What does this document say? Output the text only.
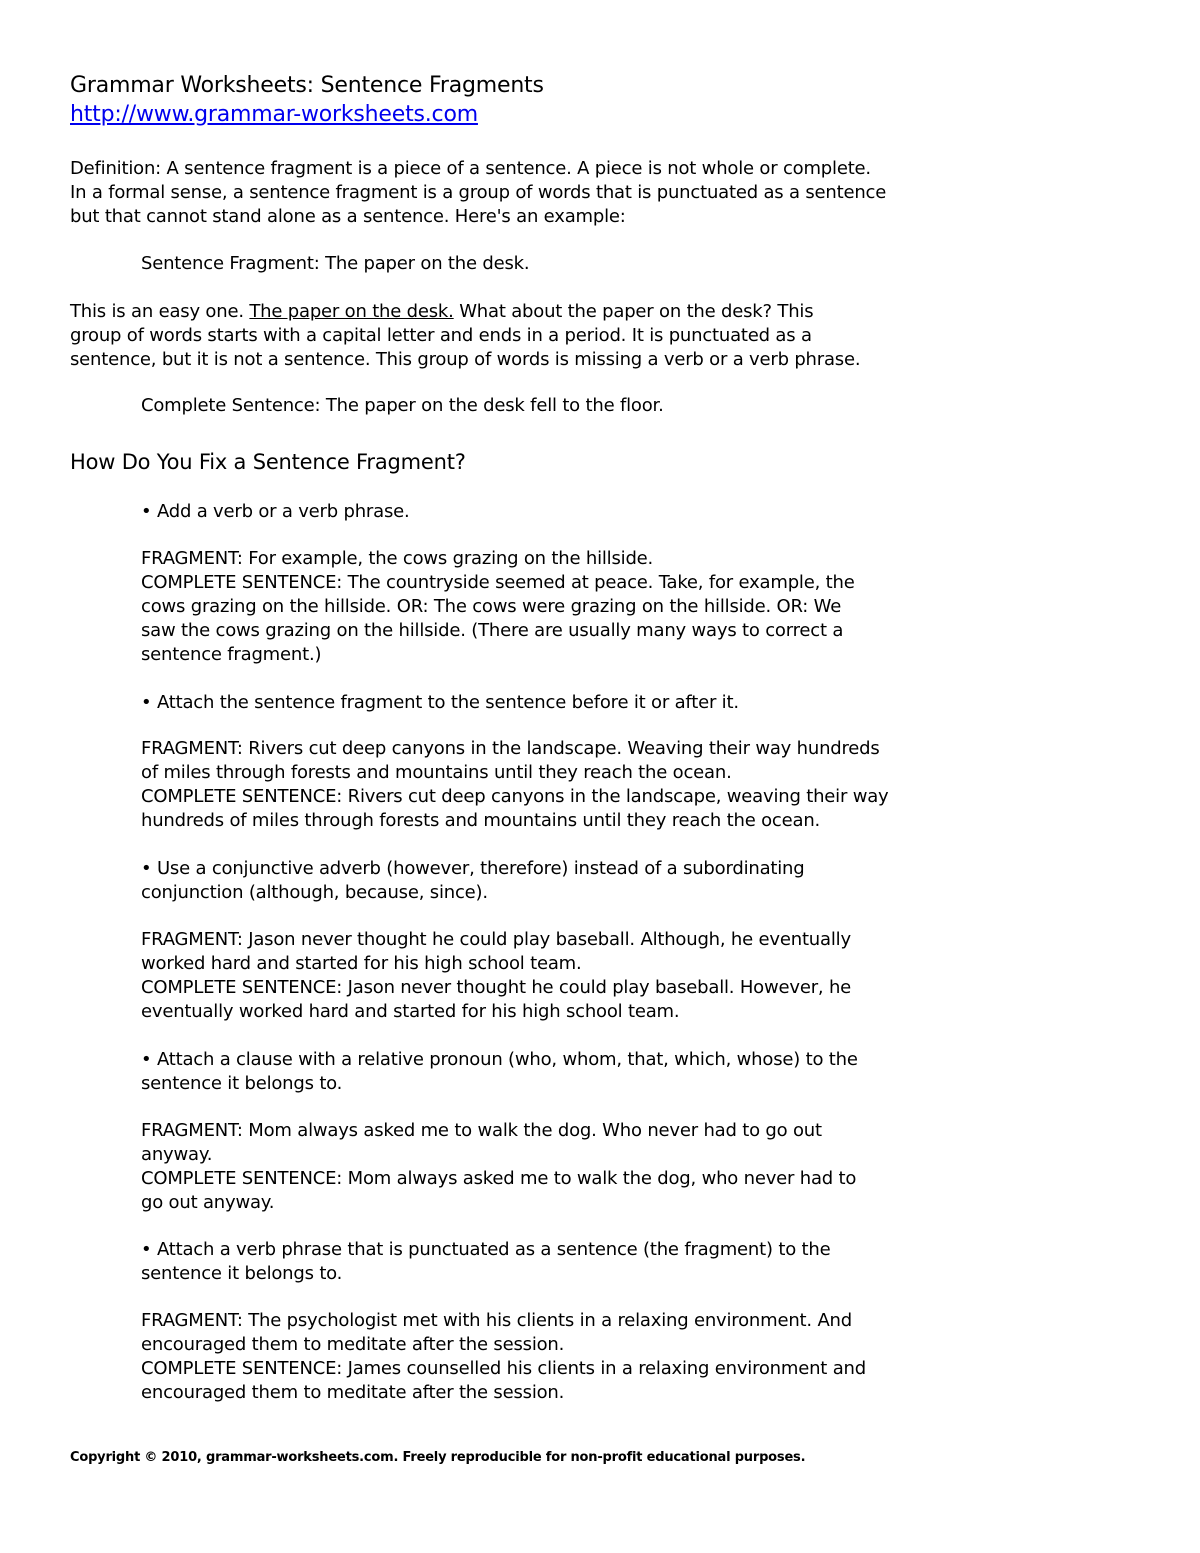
Grammar Worksheets: Sentence Fragments
http://www.grammar-worksheets.com
Definition: A sentence fragment is a piece of a sentence. A piece is not whole or complete.
In a formal sense, a sentence fragment is a group of words that is punctuated as a sentence
but that cannot stand alone as a sentence. Here's an example:
Sentence Fragment: The paper on the desk.
This is an easy one. The paper on the desk. What about the paper on the desk? This
group of words starts with a capital letter and ends in a period. It is punctuated as a
sentence, but it is not a sentence. This group of words is missing a verb or a verb phrase.
Complete Sentence: The paper on the desk fell to the floor.
How Do You Fix a Sentence Fragment?
• Add a verb or a verb phrase.
FRAGMENT: For example, the cows grazing on the hillside.
COMPLETE SENTENCE: The countryside seemed at peace. Take, for example, the
cows grazing on the hillside. OR: The cows were grazing on the hillside. OR: We
saw the cows grazing on the hillside. (There are usually many ways to correct a
sentence fragment.)
• Attach the sentence fragment to the sentence before it or after it.
FRAGMENT: Rivers cut deep canyons in the landscape. Weaving their way hundreds
of miles through forests and mountains until they reach the ocean.
COMPLETE SENTENCE: Rivers cut deep canyons in the landscape, weaving their way
hundreds of miles through forests and mountains until they reach the ocean.
• Use a conjunctive adverb (however, therefore) instead of a subordinating
conjunction (although, because, since).
FRAGMENT: Jason never thought he could play baseball. Although, he eventually
worked hard and started for his high school team.
COMPLETE SENTENCE: Jason never thought he could play baseball. However, he
eventually worked hard and started for his high school team.
• Attach a clause with a relative pronoun (who, whom, that, which, whose) to the
sentence it belongs to.
FRAGMENT: Mom always asked me to walk the dog. Who never had to go out
anyway.
COMPLETE SENTENCE: Mom always asked me to walk the dog, who never had to
go out anyway.
• Attach a verb phrase that is punctuated as a sentence (the fragment) to the
sentence it belongs to.
FRAGMENT: The psychologist met with his clients in a relaxing environment. And
encouraged them to meditate after the session.
COMPLETE SENTENCE: James counselled his clients in a relaxing environment and
encouraged them to meditate after the session.
Copyright © 2010, grammar-worksheets.com. Freely reproducible for non-profit educational purposes.
